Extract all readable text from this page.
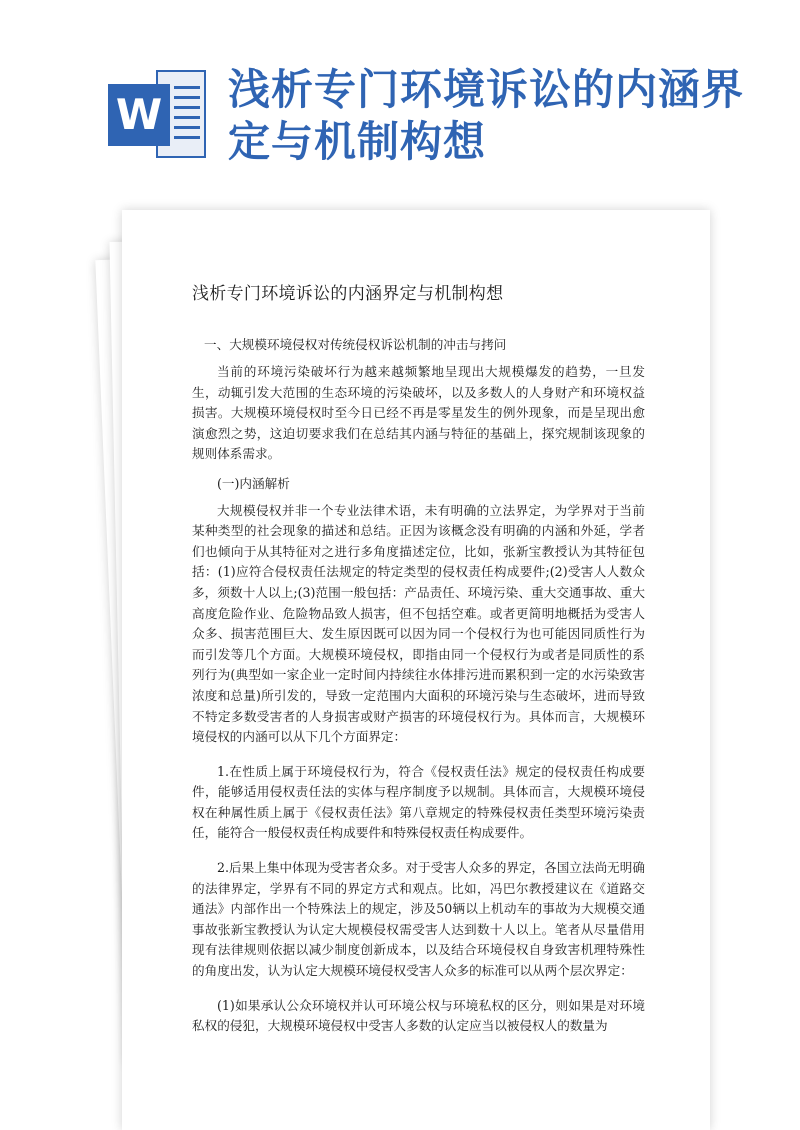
W
浅析专门环境诉讼的内涵界定与机制构想
浅析专门环境诉讼的内涵界定与机制构想

一、大规模环境侵权对传统侵权诉讼机制的冲击与拷问

当前的环境污染破坏行为越来越频繁地呈现出大规模爆发的趋势，一旦发生，动辄引发大范围的生态环境的污染破坏，以及多数人的人身财产和环境权益损害。大规模环境侵权时至今日已经不再是零星发生的例外现象，而是呈现出愈演愈烈之势，这迫切要求我们在总结其内涵与特征的基础上，探究规制该现象的规则体系需求。

(一)内涵解析

大规模侵权并非一个专业法律术语，未有明确的立法界定，为学界对于当前某种类型的社会现象的描述和总结。正因为该概念没有明确的内涵和外延，学者们也倾向于从其特征对之进行多角度描述定位，比如，张新宝教授认为其特征包括：(1)应符合侵权责任法规定的特定类型的侵权责任构成要件;(2)受害人人数众多，须数十人以上;(3)范围一般包括：产品责任、环境污染、重大交通事故、重大高度危险作业、危险物品致人损害，但不包括空难。或者更简明地概括为受害人众多、损害范围巨大、发生原因既可以因为同一个侵权行为也可能因同质性行为而引发等几个方面。大规模环境侵权，即指由同一个侵权行为或者是同质性的系列行为(典型如一家企业一定时间内持续往水体排污进而累积到一定的水污染致害浓度和总量)所引发的，导致一定范围内大面积的环境污染与生态破坏，进而导致不特定多数受害者的人身损害或财产损害的环境侵权行为。具体而言，大规模环境侵权的内涵可以从下几个方面界定：

1.在性质上属于环境侵权行为，符合《侵权责任法》规定的侵权责任构成要件，能够适用侵权责任法的实体与程序制度予以规制。具体而言，大规模环境侵权在种属性质上属于《侵权责任法》第八章规定的特殊侵权责任类型环境污染责任，能符合一般侵权责任构成要件和特殊侵权责任构成要件。

2.后果上集中体现为受害者众多。对于受害人众多的界定，各国立法尚无明确的法律界定，学界有不同的界定方式和观点。比如，冯巴尔教授建议在《道路交通法》内部作出一个特殊法上的规定，涉及50辆以上机动车的事故为大规模交通事故张新宝教授认为认定大规模侵权需受害人达到数十人以上。笔者从尽量借用现有法律规则依据以减少制度创新成本，以及结合环境侵权自身致害机理特殊性的角度出发，认为认定大规模环境侵权受害人众多的标准可以从两个层次界定：

(1)如果承认公众环境权并认可环境公权与环境私权的区分，则如果是对环境私权的侵犯，大规模环境侵权中受害人多数的认定应当以被侵权人的数量为
